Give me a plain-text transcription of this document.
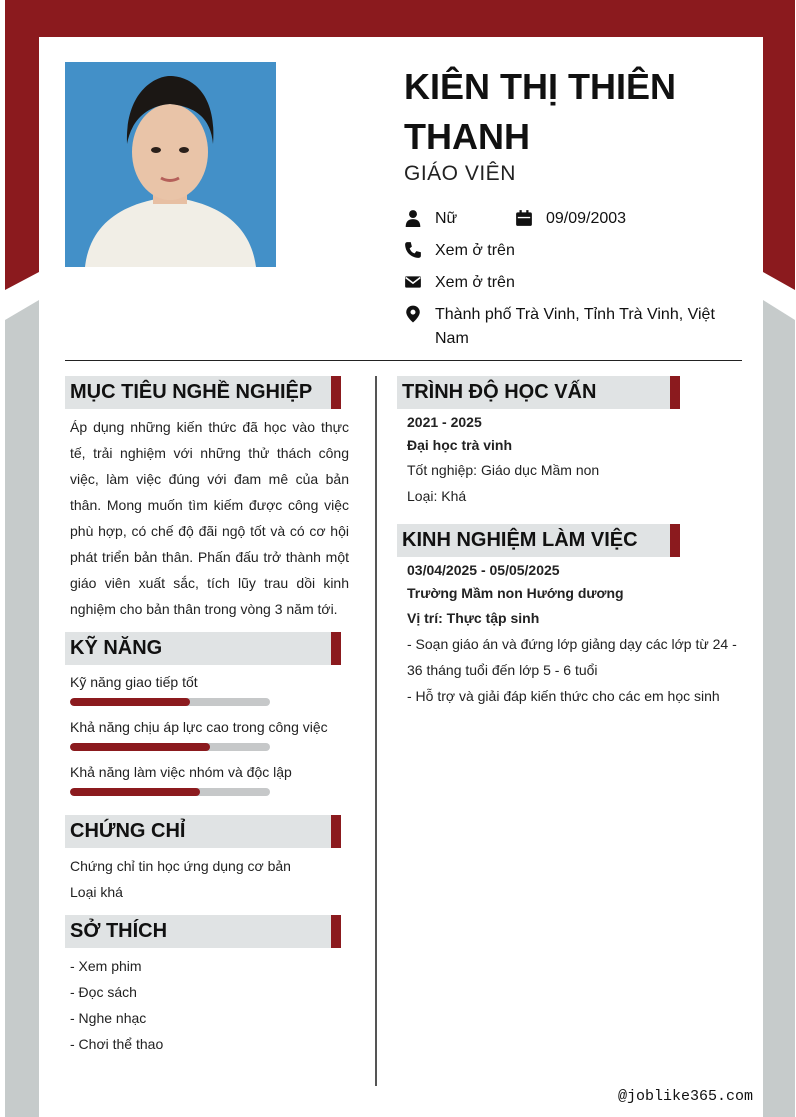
KIÊN THỊ THIÊN THANH
GIÁO VIÊN
Nữ	09/09/2003
Xem ở trên
Xem ở trên
Thành phố Trà Vinh, Tỉnh Trà Vinh, Việt Nam
MỤC TIÊU NGHỀ NGHIỆP
Áp dụng những kiến thức đã học vào thực tế, trải nghiệm với những thử thách công việc, làm việc đúng với đam mê của bản thân. Mong muốn tìm kiếm được công việc phù hợp, có chế độ đãi ngộ tốt và có cơ hội phát triển bản thân. Phấn đấu trở thành một giáo viên xuất sắc, tích lũy trau dồi kinh nghiệm cho bản thân trong vòng 3 năm tới.
KỸ NĂNG
Kỹ năng giao tiếp tốt
Khả năng chịu áp lực cao trong công việc
Khả năng làm việc nhóm và độc lập
CHỨNG CHỈ
Chứng chỉ tin học ứng dụng cơ bản
Loại khá
SỞ THÍCH
- Xem phim
- Đọc sách
- Nghe nhạc
- Chơi thể thao
TRÌNH ĐỘ HỌC VẤN
2021 - 2025
Đại học trà vinh
Tốt nghiệp: Giáo dục Mầm non
Loại: Khá
KINH NGHIỆM LÀM VIỆC
03/04/2025 - 05/05/2025
Trường Mầm non Hướng dương
Vị trí: Thực tập sinh
- Soạn giáo án và đứng lớp giảng dạy các lớp từ 24 - 36 tháng tuổi đến lớp 5 - 6 tuổi
- Hỗ trợ và giải đáp kiến thức cho các em học sinh
@joblike365.com
